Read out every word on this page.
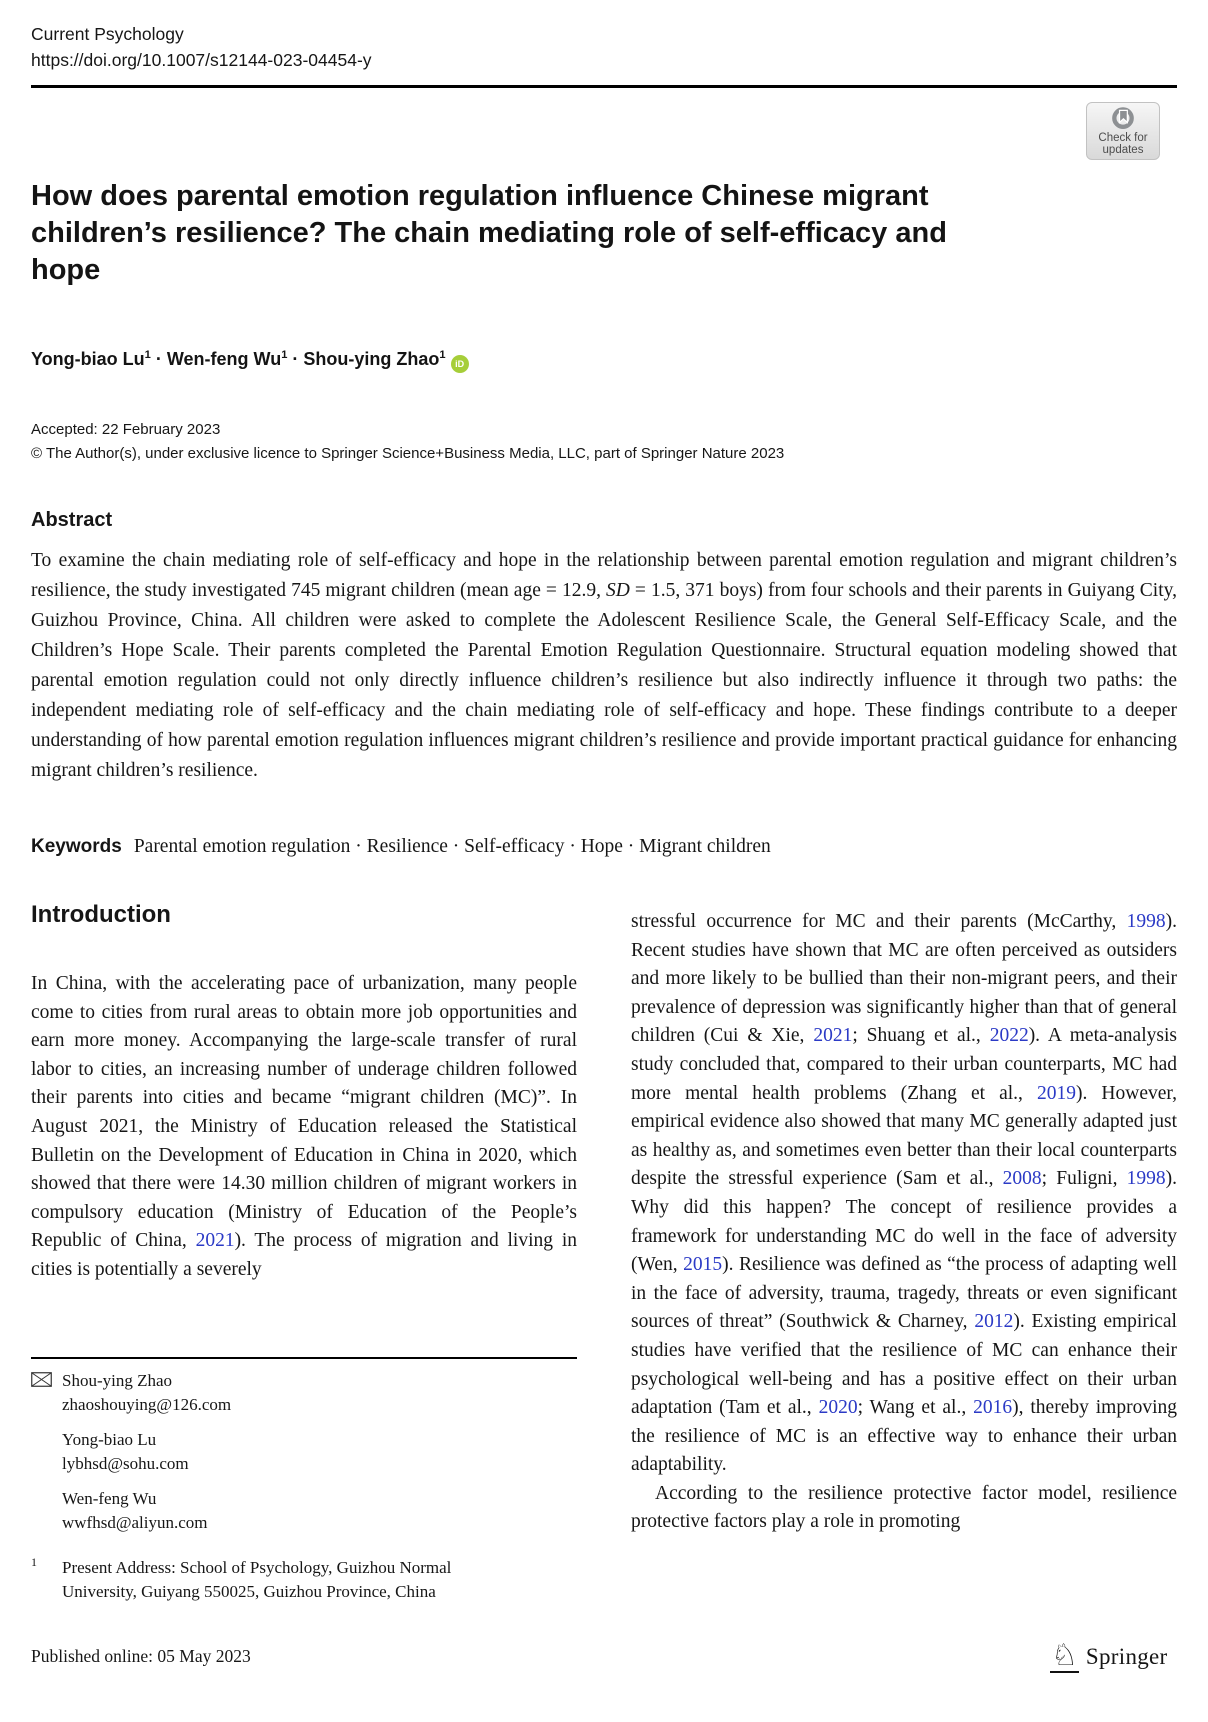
Current Psychology
https://doi.org/10.1007/s12144-023-04454-y
Check for
updates
How does parental emotion regulation influence Chinese migrant children’s resilience? The chain mediating role of self-efficacy and hope
Yong-biao $Lu^1$ · Wen-feng $Wu^1$ · Shou-ying Zhao$^1$iD
Accepted: 22 February 2023
© The Author(s), under exclusive licence to Springer Science+Business Media, LLC, part of Springer Nature 2023
Abstract
To examine the chain mediating role of self-efficacy and hope in the relationship between parental emotion regulation and migrant children’s resilience, the study investigated 745 migrant children (mean age = 12.9, SD = 1.5, 371 boys) from four schools and their parents in Guiyang City, Guizhou Province, China. All children were asked to complete the Adolescent Resilience Scale, the General Self-Efficacy Scale, and the Children’s Hope Scale. Their parents completed the Parental Emotion Regulation Questionnaire. Structural equation modeling showed that parental emotion regulation could not only directly influence children’s resilience but also indirectly influence it through two paths: the independent mediating role of self-efficacy and the chain mediating role of self-efficacy and hope. These findings contribute to a deeper understanding of how parental emotion regulation influences migrant children’s resilience and provide important practical guidance for enhancing migrant children’s resilience.
Keywords Parental emotion regulation · Resilience · Self-efficacy · Hope · Migrant children
Introduction
In China, with the accelerating pace of urbanization, many people come to cities from rural areas to obtain more job opportunities and earn more money. Accompanying the large-scale transfer of rural labor to cities, an increasing number of underage children followed their parents into cities and became “migrant children (MC)”. In August 2021, the Ministry of Education released the Statistical Bulletin on the Development of Education in China in 2020, which showed that there were 14.30 million children of migrant workers in compulsory education (Ministry of Education of the People’s Republic of China, 2021). The process of migration and living in cities is potentially a severely
stressful occurrence for MC and their parents (McCarthy, 1998). Recent studies have shown that MC are often perceived as outsiders and more likely to be bullied than their non-migrant peers, and their prevalence of depression was significantly higher than that of general children (Cui & Xie, 2021; Shuang et al., 2022). A meta-analysis study concluded that, compared to their urban counterparts, MC had more mental health problems (Zhang et al., 2019). However, empirical evidence also showed that many MC generally adapted just as healthy as, and sometimes even better than their local counterparts despite the stressful experience (Sam et al., 2008; Fuligni, 1998). Why did this happen? The concept of resilience provides a framework for understanding MC do well in the face of adversity (Wen, 2015). Resilience was defined as “the process of adapting well in the face of adversity, trauma, tragedy, threats or even significant sources of threat” (Southwick & Charney, 2012). Existing empirical studies have verified that the resilience of MC can enhance their psychological well-being and has a positive effect on their urban adaptation (Tam et al., 2020; Wang et al., 2016), thereby improving the resilience of MC is an effective way to enhance their urban adaptability.
According to the resilience protective factor model, resilience protective factors play a role in promoting
Shou-ying Zhao
zhaoshouying@126.com
Yong-biao Lu
lybhsd@sohu.com
Wen-feng Wu
wwfhsd@aliyun.com
1 Present Address: School of Psychology, Guizhou Normal University, Guiyang 550025, Guizhou Province, China
Published online: 05 May 2023	♘ Springer
